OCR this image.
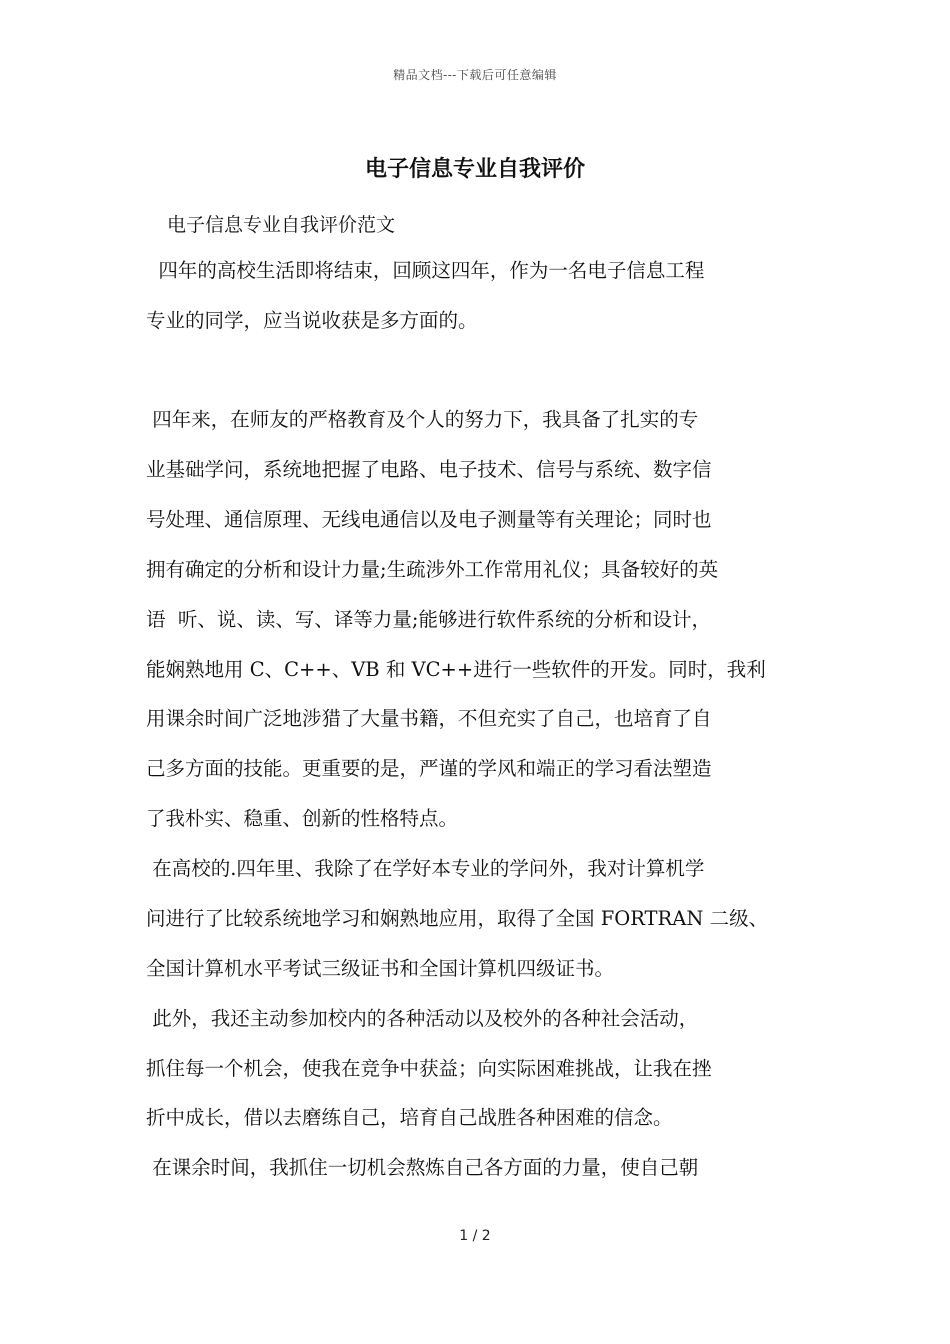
精品文档---下载后可任意编辑
电子信息专业自我评价
电子信息专业自我评价范文
四年的高校生活即将结束，回顾这四年，作为一名电子信息工程
专业的同学，应当说收获是多方面的。
四年来，在师友的严格教育及个人的努力下，我具备了扎实的专
业基础学问，系统地把握了电路、电子技术、信号与系统、数字信
号处理、通信原理、无线电通信以及电子测量等有关理论；同时也
拥有确定的分析和设计力量;生疏涉外工作常用礼仪；具备较好的英
语  听、说、读、写、译等力量;能够进行软件系统的分析和设计，
能娴熟地用 C、C++、VB 和 VC++进行一些软件的开发。同时，我利
用课余时间广泛地涉猎了大量书籍，不但充实了自己，也培育了自
己多方面的技能。更重要的是，严谨的学风和端正的学习看法塑造
了我朴实、稳重、创新的性格特点。
在高校的.四年里、我除了在学好本专业的学问外，我对计算机学
问进行了比较系统地学习和娴熟地应用，取得了全国 FORTRAN 二级、
全国计算机水平考试三级证书和全国计算机四级证书。
此外，我还主动参加校内的各种活动以及校外的各种社会活动，
抓住每一个机会，使我在竞争中获益；向实际困难挑战，让我在挫
折中成长，借以去磨练自己，培育自己战胜各种困难的信念。
在课余时间，我抓住一切机会熬炼自己各方面的力量，使自己朝
1 / 2
